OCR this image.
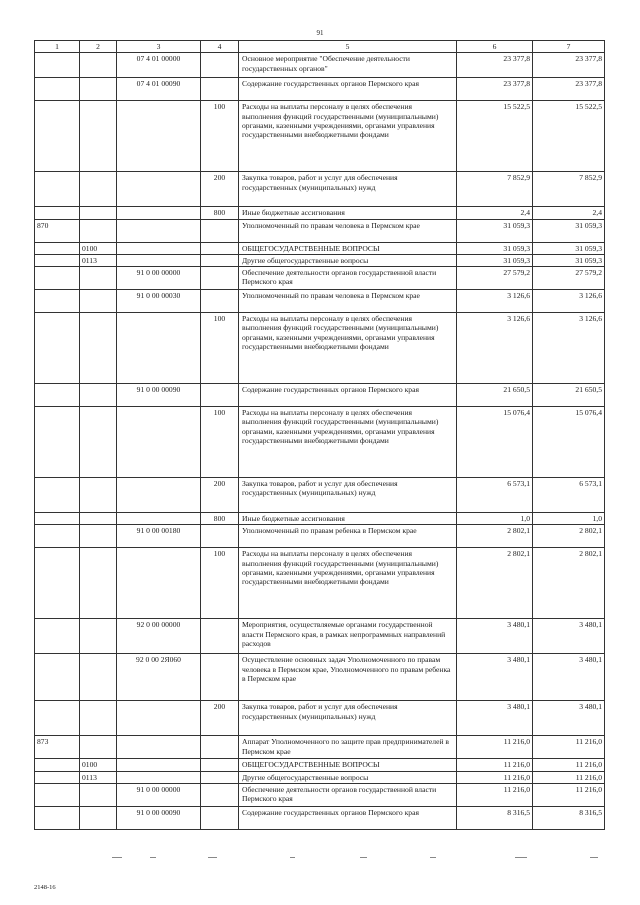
91
1	2	3	4	5	6	7
		07 4 01 00000		Основное мероприятие "Обеспечение деятельности государственных органов"	23 377,8	23 377,8
		07 4 01 00090		Содержание государственных органов Пермского края	23 377,8	23 377,8
			100	Расходы на выплаты персоналу в целях обеспечения выполнения функций государственными (муниципальными) органами, казенными учреждениями, органами управления государственными внебюджетными фондами	15 522,5	15 522,5
			200	Закупка товаров, работ и услуг для обеспечения государственных (муниципальных) нужд	7 852,9	7 852,9
			800	Иные бюджетные ассигнования	2,4	2,4
870				Уполномоченный по правам человека в Пермском крае	31 059,3	31 059,3
	0100			ОБЩЕГОСУДАРСТВЕННЫЕ ВОПРОСЫ	31 059,3	31 059,3
	0113			Другие общегосударственные вопросы	31 059,3	31 059,3
		91 0 00 00000		Обеспечение деятельности органов государственной власти Пермского края	27 579,2	27 579,2
		91 0 00 00030		Уполномоченный по правам человека в Пермском крае	3 126,6	3 126,6
			100	Расходы на выплаты персоналу в целях обеспечения выполнения функций государственными (муниципальными) органами, казенными учреждениями, органами управления государственными внебюджетными фондами	3 126,6	3 126,6
		91 0 00 00090		Содержание государственных органов Пермского края	21 650,5	21 650,5
			100	Расходы на выплаты персоналу в целях обеспечения выполнения функций государственными (муниципальными) органами, казенными учреждениями, органами управления государственными внебюджетными фондами	15 076,4	15 076,4
			200	Закупка товаров, работ и услуг для обеспечения государственных (муниципальных) нужд	6 573,1	6 573,1
			800	Иные бюджетные ассигнования	1,0	1,0
		91 0 00 00180		Уполномоченный по правам ребенка в Пермском крае	2 802,1	2 802,1
			100	Расходы на выплаты персоналу в целях обеспечения выполнения функций государственными (муниципальными) органами, казенными учреждениями, органами управления государственными внебюджетными фондами	2 802,1	2 802,1
		92 0 00 00000		Мероприятия, осуществляемые органами государственной власти Пермского края, в рамках непрограммных направлений расходов	3 480,1	3 480,1
		92 0 00 2Я060		Осуществление основных задач Уполномоченного по правам человека в Пермском крае, Уполномоченного по правам ребенка в Пермском крае	3 480,1	3 480,1
			200	Закупка товаров, работ и услуг для обеспечения государственных (муниципальных) нужд	3 480,1	3 480,1
873				Аппарат Уполномоченного по защите прав предпринимателей в Пермском крае	11 216,0	11 216,0
	0100			ОБЩЕГОСУДАРСТВЕННЫЕ ВОПРОСЫ	11 216,0	11 216,0
	0113			Другие общегосударственные вопросы	11 216,0	11 216,0
		91 0 00 00000		Обеспечение деятельности органов государственной власти Пермского края	11 216,0	11 216,0
		91 0 00 00090		Содержание государственных органов Пермского края	8 316,5	8 316,5
2148-16
